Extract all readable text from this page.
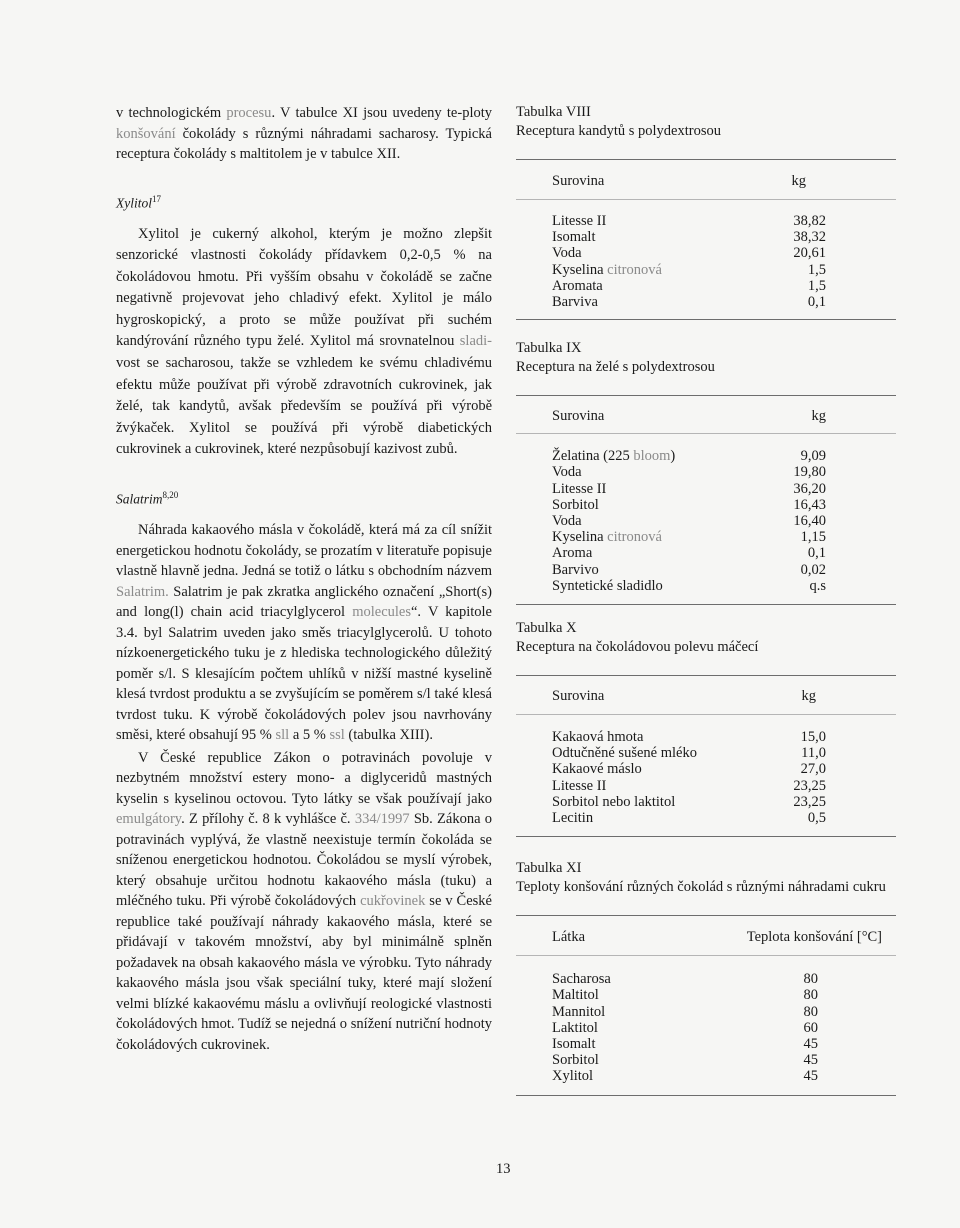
v technologickém procesu. V tabulce XI jsou uvedeny te-ploty konšování čokolády s různými náhradami sacharosy. Typická receptura čokolády s maltitolem je v tabulce XII.

Xylitol$^{17}$

Xylitol je cukerný alkohol, kterým je možno zlepšit senzorické vlastnosti čokolády přídavkem 0,2-0,5 % na čokoládovou hmotu. Při vyšším obsahu v čokoládě se začne negativně projevovat jeho chladivý efekt. Xylitol je málo hygroskopický, a proto se může používat při suchém kandýrování různého typu želé. Xylitol má srovnatelnou sladi-vost se sacharosou, takže se vzhledem ke svému chladivému efektu může používat při výrobě zdravotních cukrovinek, jak želé, tak kandytů, avšak především se používá při výrobě žvýkaček. Xylitol se používá při výrobě diabetických cukrovinek a cukrovinek, které nezpůsobují kazivost zubů.

Salatrim$^{8,20}$

Náhrada kakaového másla v čokoládě, která má za cíl snížit energetickou hodnotu čokolády, se prozatím v literatuře popisuje vlastně hlavně jedna. Jedná se totiž o látku s obchodním názvem Salatrim. Salatrim je pak zkratka anglického označení „Short(s) and long(l) chain acid triacylglycerol molecules“. V kapitole 3.4. byl Salatrim uveden jako směs triacylglycerolů. U tohoto nízkoenergetického tuku je z hlediska technologického důležitý poměr s/l. S klesajícím počtem uhlíků v nižší mastné kyselině klesá tvrdost produktu a se zvyšujícím se poměrem s/l také klesá tvrdost tuku. K výrobě čokoládových polev jsou navrhovány směsi, které obsahují 95 % sll a 5 % ssl (tabulka XIII).

V České republice Zákon o potravinách povoluje v nezbytném množství estery mono- a diglyceridů mastných kyselin s kyselinou octovou. Tyto látky se však používají jako emulgátory. Z přílohy č. 8 k vyhlášce č. 334/1997 Sb. Zákona o potravinách vyplývá, že vlastně neexistuje termín čokoláda se sníženou energetickou hodnotou. Čokoládou se myslí výrobek, který obsahuje určitou hodnotu kakaového másla (tuku) a mléčného tuku. Při výrobě čokoládových cukřovinek se v České republice také používají náhrady kakaového másla, které se přidávají v takovém množství, aby byl minimálně splněn požadavek na obsah kakaového másla ve výrobku. Tyto náhrady kakaového másla jsou však speciální tuky, které mají složení velmi blízké kakaovému máslu a ovlivňují reologické vlastnosti čokoládových hmot. Tudíž se nejedná o snížení nutriční hodnoty čokoládových cukrovinek.

Tabulka VIII
Receptura kandytů s polydextrosou
Surovina	kg
Litesse II	38,82
Isomalt	38,32
Voda	20,61
Kyselina citronová	1,5
Aromata	1,5
Barviva	0,1
Tabulka IX
Receptura na želé s polydextrosou
Surovina	kg
Želatina (225 bloom)	9,09
Voda	19,80
Litesse II	36,20
Sorbitol	16,43
Voda	16,40
Kyselina citronová	1,15
Aroma	0,1
Barvivo	0,02
Syntetické sladidlo	q.s
Tabulka X
Receptura na čokoládovou polevu máčecí
Surovina	kg
Kakaová hmota	15,0
Odtučněné sušené mléko	11,0
Kakaové máslo	27,0
Litesse II	23,25
Sorbitol nebo laktitol	23,25
Lecitin	0,5
Tabulka XI
Teploty konšování různých čokolád s různými náhradami cukru
Látka	Teplota konšování [°C]
Sacharosa	80
Maltitol	80
Mannitol	80
Laktitol	60
Isomalt	45
Sorbitol	45
Xylitol	45
13
